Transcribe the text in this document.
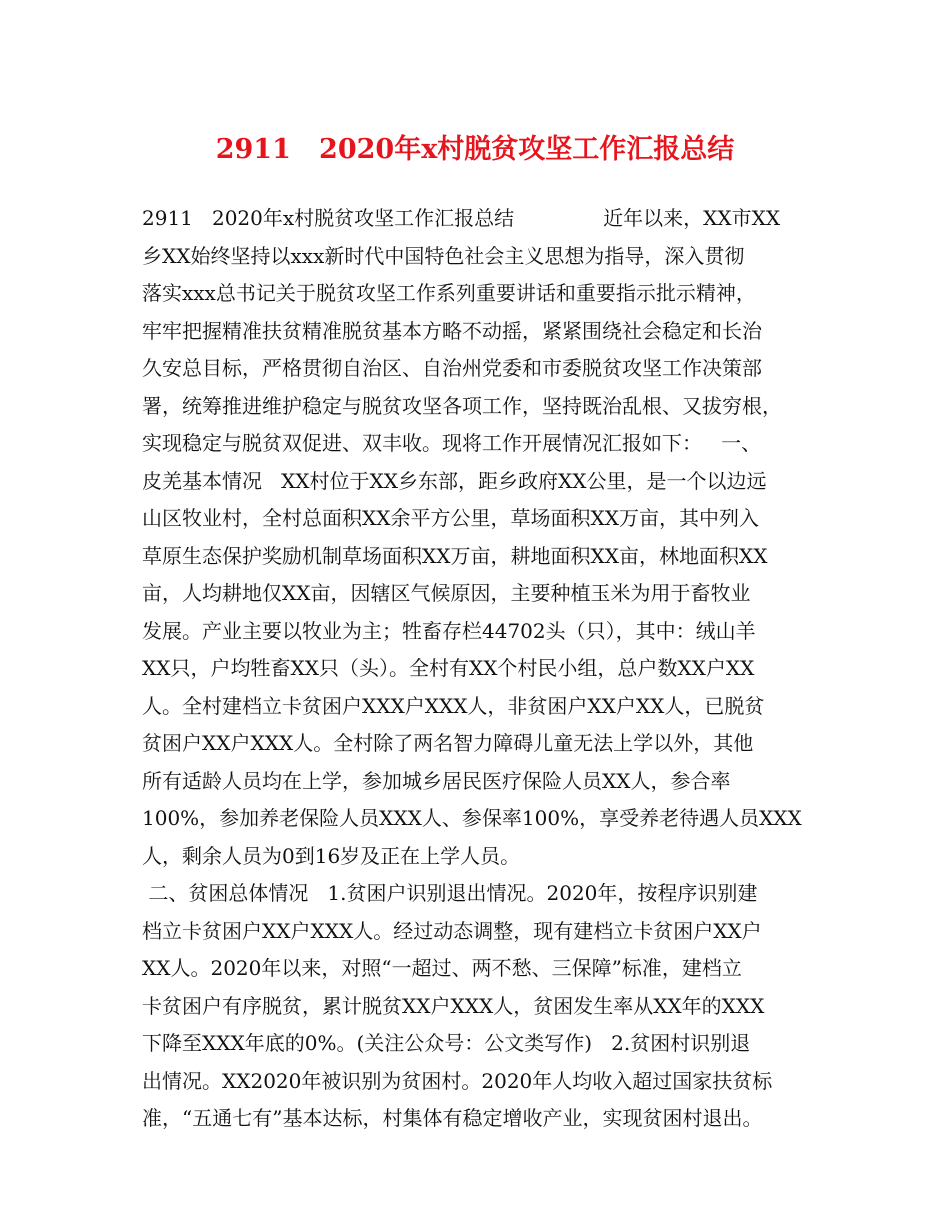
2911   2020年x村脱贫攻坚工作汇报总结
2911   2020年x村脱贫攻坚工作汇报总结              近年以来，XX市XX
乡XX始终坚持以xxx新时代中国特色社会主义思想为指导，深入贯彻
落实xxx总书记关于脱贫攻坚工作系列重要讲话和重要指示批示精神，
牢牢把握精准扶贫精准脱贫基本方略不动摇，紧紧围绕社会稳定和长治
久安总目标，严格贯彻自治区、自治州党委和市委脱贫攻坚工作决策部
署，统筹推进维护稳定与脱贫攻坚各项工作，坚持既治乱根、又拔穷根，
实现稳定与脱贫双促进、双丰收。现将工作开展情况汇报如下：   一、
皮羌基本情况   XX村位于XX乡东部，距乡政府XX公里，是一个以边远
山区牧业村，全村总面积XX余平方公里，草场面积XX万亩，其中列入
草原生态保护奖励机制草场面积XX万亩，耕地面积XX亩，林地面积XX
亩，人均耕地仅XX亩，因辖区气候原因，主要种植玉米为用于畜牧业
发展。产业主要以牧业为主；牲畜存栏44702头（只），其中：绒山羊
XX只，户均牲畜XX只（头）。全村有XX个村民小组，总户数XX户XX
人。全村建档立卡贫困户XXX户XXX人，非贫困户XX户XX人，已脱贫
贫困户XX户XXX人。全村除了两名智力障碍儿童无法上学以外，其他
所有适龄人员均在上学，参加城乡居民医疗保险人员XX人，参合率
100%，参加养老保险人员XXX人、参保率100%，享受养老待遇人员XXX
人，剩余人员为0到16岁及正在上学人员。
二、贫困总体情况   1.贫困户识别退出情况。2020年，按程序识别建
档立卡贫困户XX户XXX人。经过动态调整，现有建档立卡贫困户XX户
XX人。2020年以来，对照“一超过、两不愁、三保障”标准，建档立
卡贫困户有序脱贫，累计脱贫XX户XXX人，贫困发生率从XX年的XXX
下降至XXX年底的0%。(关注公众号：公文类写作)   2.贫困村识别退
出情况。XX2020年被识别为贫困村。2020年人均收入超过国家扶贫标
准，“五通七有”基本达标，村集体有稳定增收产业，实现贫困村退出。
